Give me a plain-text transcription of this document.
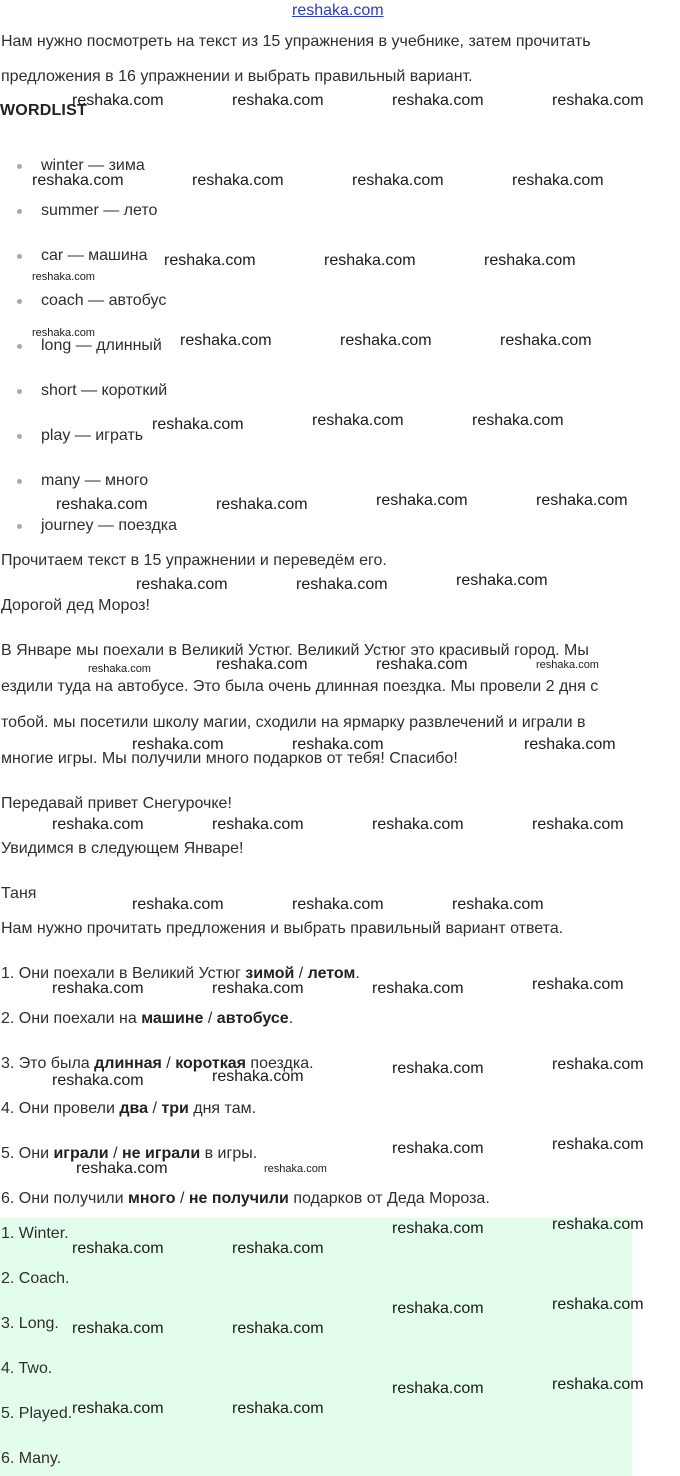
reshaka.com
Нам нужно посмотреть на текст из 15 упражнения в учебнике, затем прочитать
предложения в 16 упражнении и выбрать правильный вариант.
WORDLIST
winter — зима
summer — лето
car — машина
coach — автобус
long — длинный
short — короткий
play — играть
many — много
journey — поездка
Прочитаем текст в 15 упражнении и переведём его.
Дорогой дед Мороз!
В Январе мы поехали в Великий Устюг. Великий Устюг это красивый город. Мы
ездили туда на автобусе. Это была очень длинная поездка. Мы провели 2 дня с
тобой. мы посетили школу магии, сходили на ярмарку развлечений и играли в
многие игры. Мы получили много подарков от тебя! Спасибо!
Передавай привет Снегурочке!
Увидимся в следующем Январе!
Таня
Нам нужно прочитать предложения и выбрать правильный вариант ответа.
1. Они поехали в Великий Устюг зимой / летом.
2. Они поехали на машине / автобусе.
3. Это была длинная / короткая поездка.
4. Они провели два / три дня там.
5. Они играли / не играли в игры.
6. Они получили много / не получили подарков от Деда Мороза.
1. Winter.
2. Coach.
3. Long.
4. Two.
5. Played.
6. Many.
reshaka.com	reshaka.com	reshaka.com	reshaka.com
reshaka.com	reshaka.com	reshaka.com	reshaka.com
reshaka.com	reshaka.com	reshaka.com
reshaka.com
reshaka.com	reshaka.com	reshaka.com	reshaka.com
reshaka.com	reshaka.com	reshaka.com
reshaka.com	reshaka.com	reshaka.com	reshaka.com
reshaka.com	reshaka.com	reshaka.com
reshaka.com	reshaka.com	reshaka.com	reshaka.com
reshaka.com	reshaka.com	reshaka.com
reshaka.com	reshaka.com	reshaka.com	reshaka.com
reshaka.com	reshaka.com	reshaka.com
reshaka.com	reshaka.com	reshaka.com	reshaka.com
reshaka.com	reshaka.com	reshaka.com	reshaka.com
reshaka.com	reshaka.com
reshaka.com	reshaka.com
reshaka.com	reshaka.com
reshaka.com	reshaka.com
reshaka.com	reshaka.com
reshaka.com	reshaka.com
reshaka.com	reshaka.com
reshaka.com	reshaka.com
